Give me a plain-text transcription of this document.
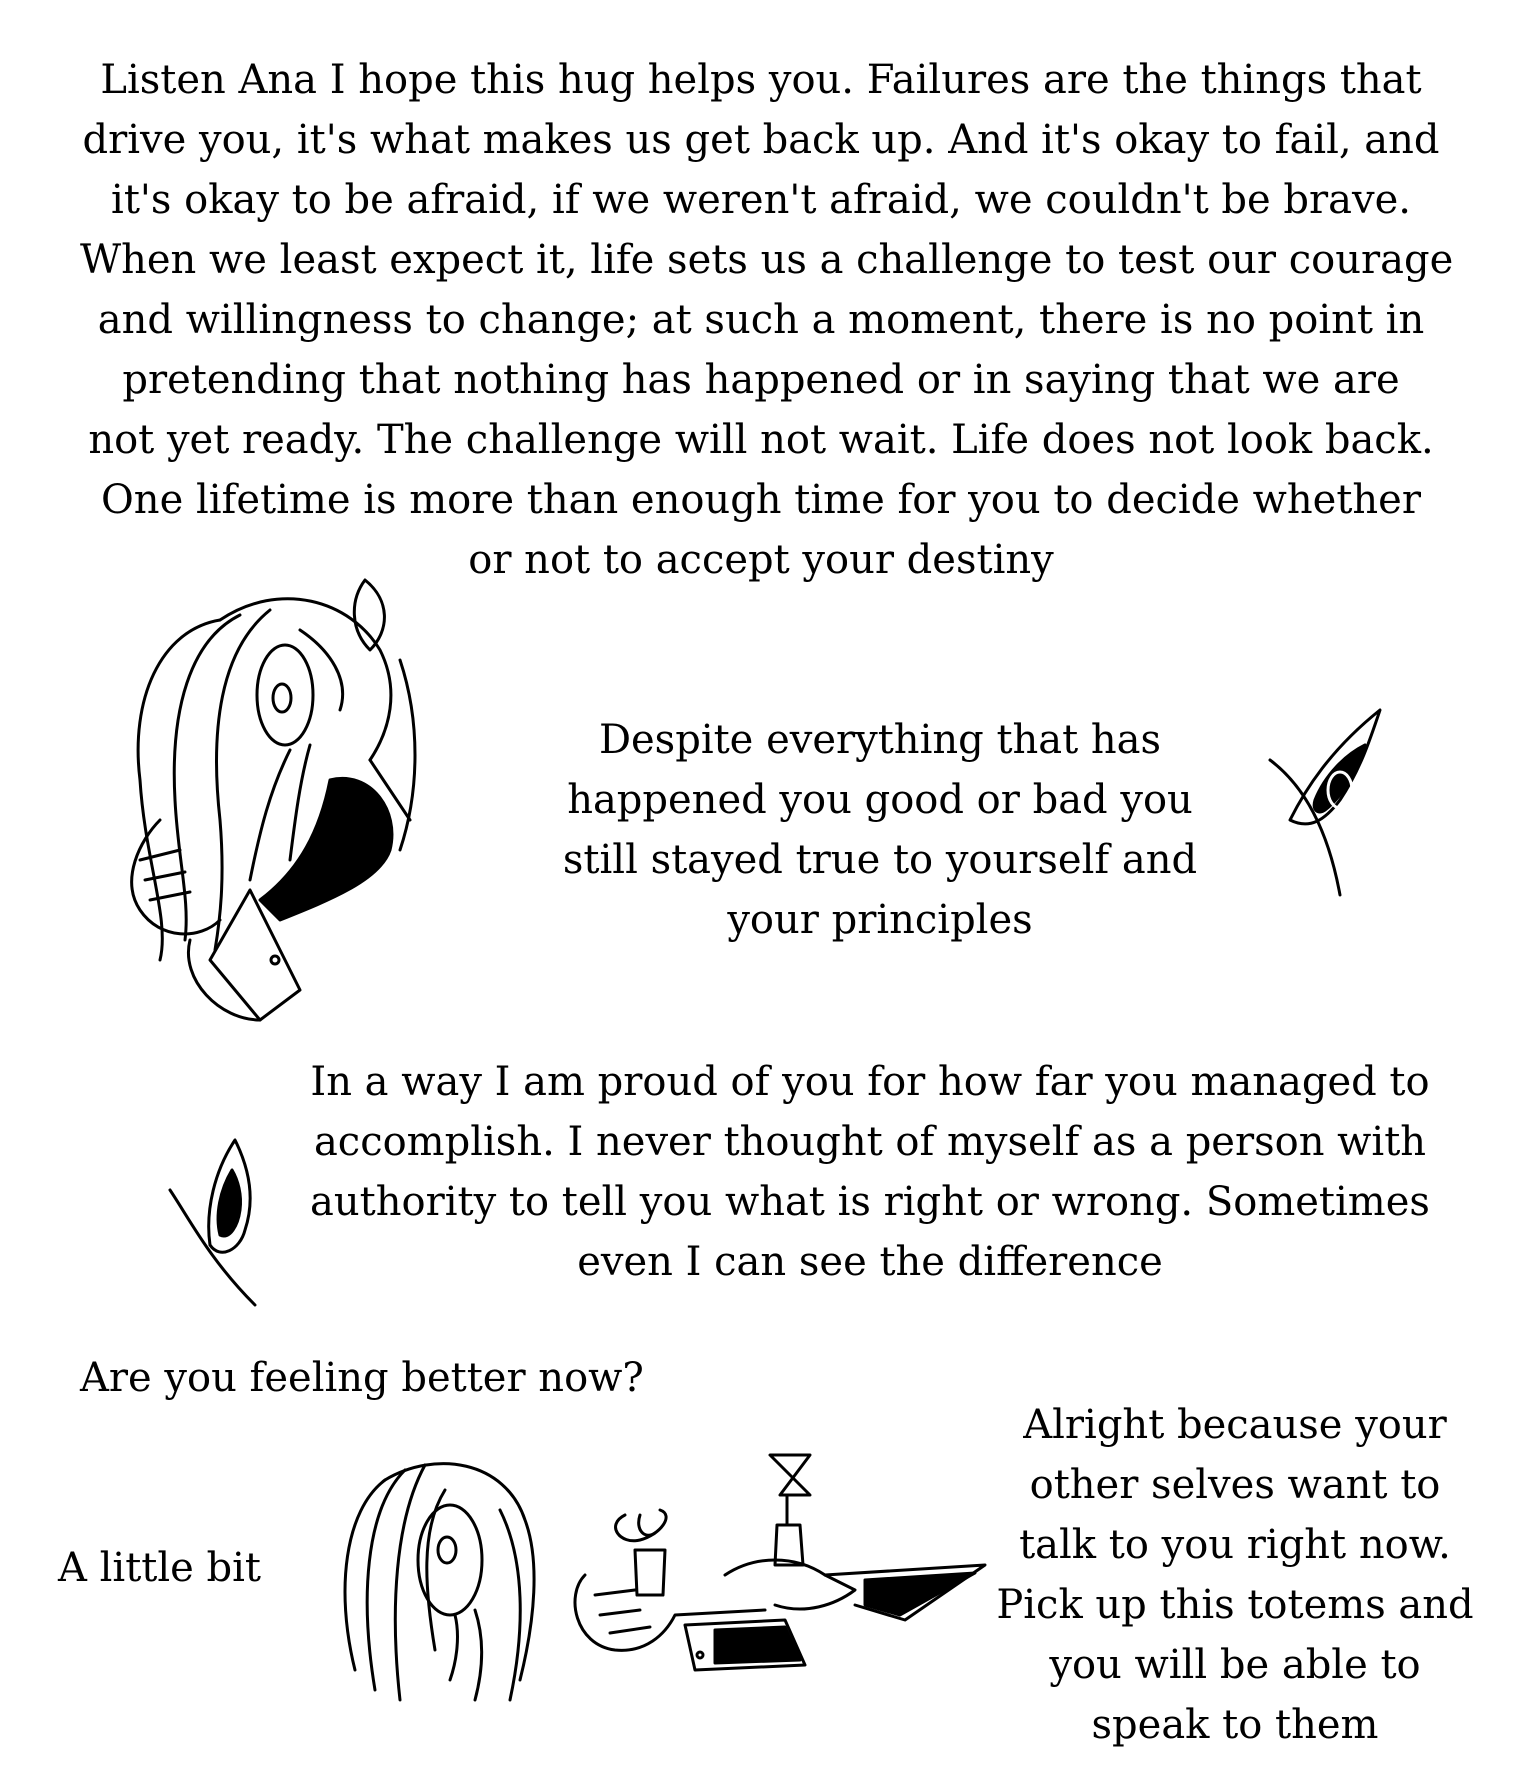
Listen Ana I hope this hug helps you. Failures are the things that
drive you, it's what makes us get back up. And it's okay to fail, and
it's okay to be afraid, if we weren't afraid, we couldn't be brave.
When we least expect it, life sets us a challenge to test our courage
and willingness to change; at such a moment, there is no point in
pretending that nothing has happened or in saying that we are
not yet ready. The challenge will not wait. Life does not look back.
One lifetime is more than enough time for you to decide whether
or not to accept your destiny
Despite everything that has
happened you good or bad you
still stayed true to yourself and
your principles
In a way I am proud of you for how far you managed to
accomplish. I never thought of myself as a person with
authority to tell you what is right or wrong. Sometimes
even I can see the difference
Are you feeling better now?
A little bit
Alright because your
other selves want to
talk to you right now.
Pick up this totems and
you will be able to
speak to them
